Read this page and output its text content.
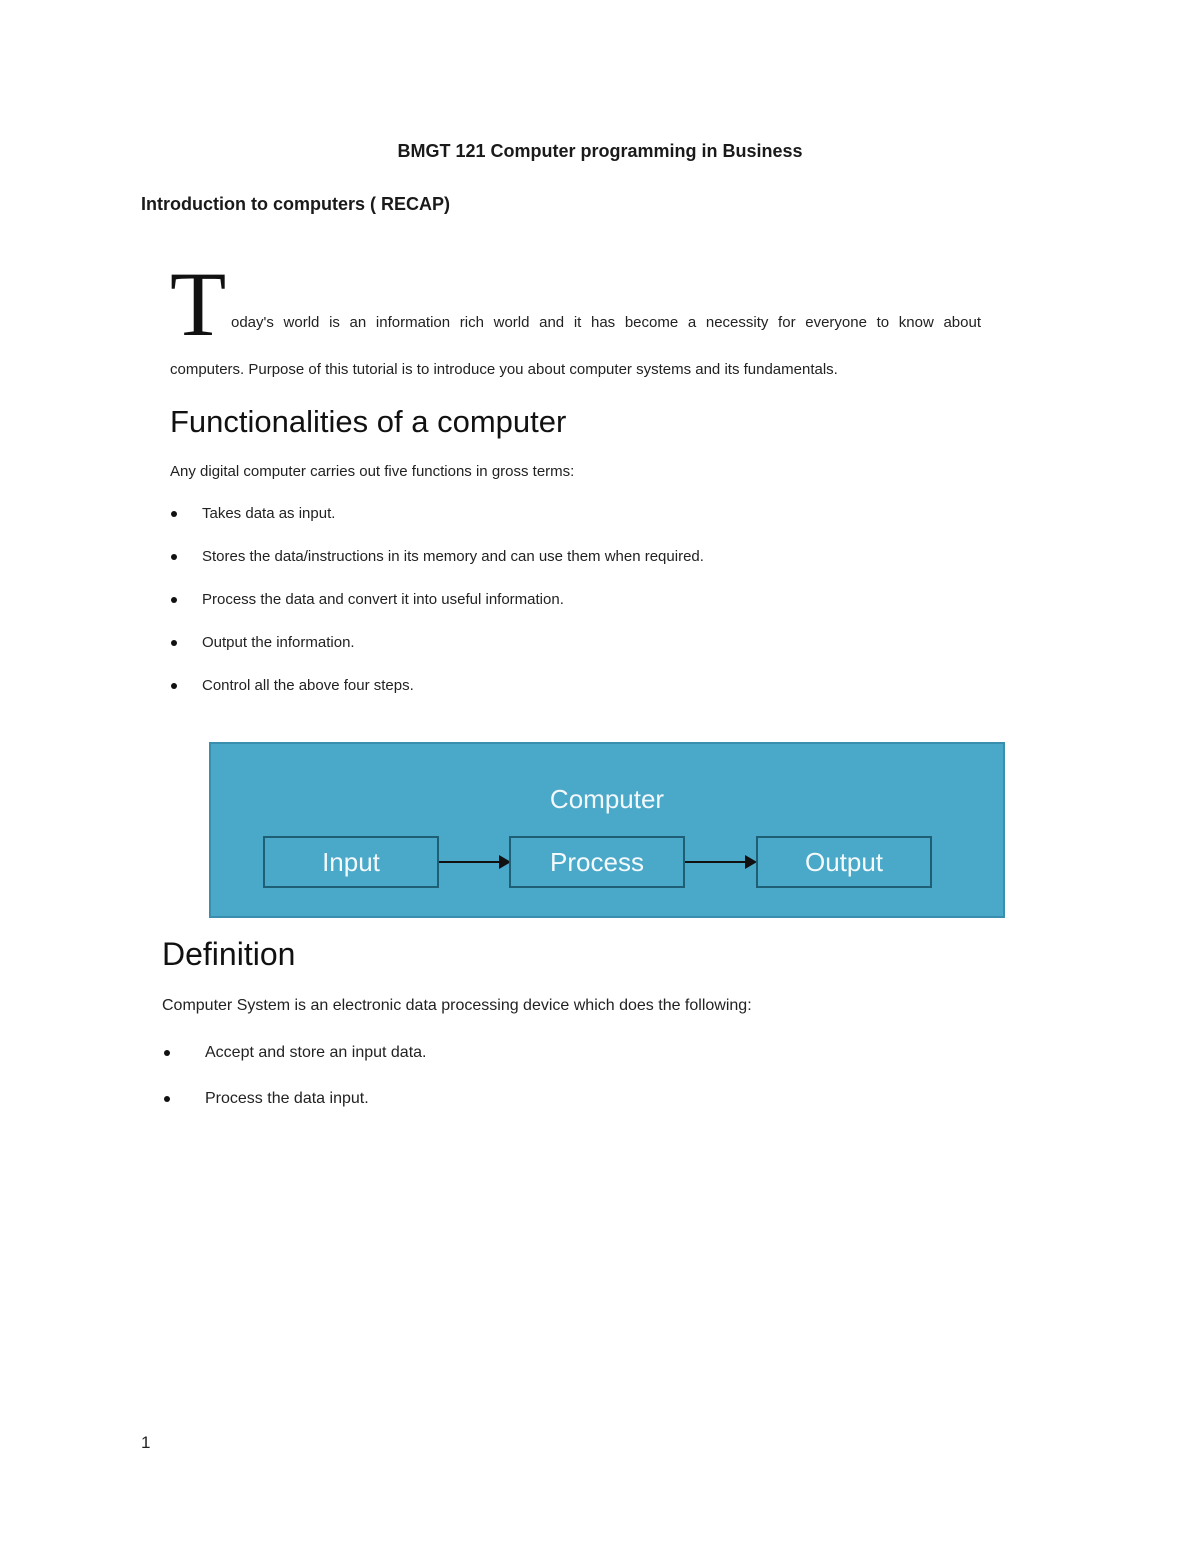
BMGT 121 Computer programming in Business
Introduction to computers ( RECAP)
T oday's world is an information rich world and it has become a necessity for everyone to know about
computers. Purpose of this tutorial is to introduce you about computer systems and its fundamentals.
Functionalities of a computer
Any digital computer carries out five functions in gross terms:
Takes data as input.
Stores the data/instructions in its memory and can use them when required.
Process the data and convert it into useful information.
Output the information.
Control all the above four steps.
Computer
Input	Process	Output
Definition
Computer System is an electronic data processing device which does the following:
Accept and store an input data.
Process the data input.
1
